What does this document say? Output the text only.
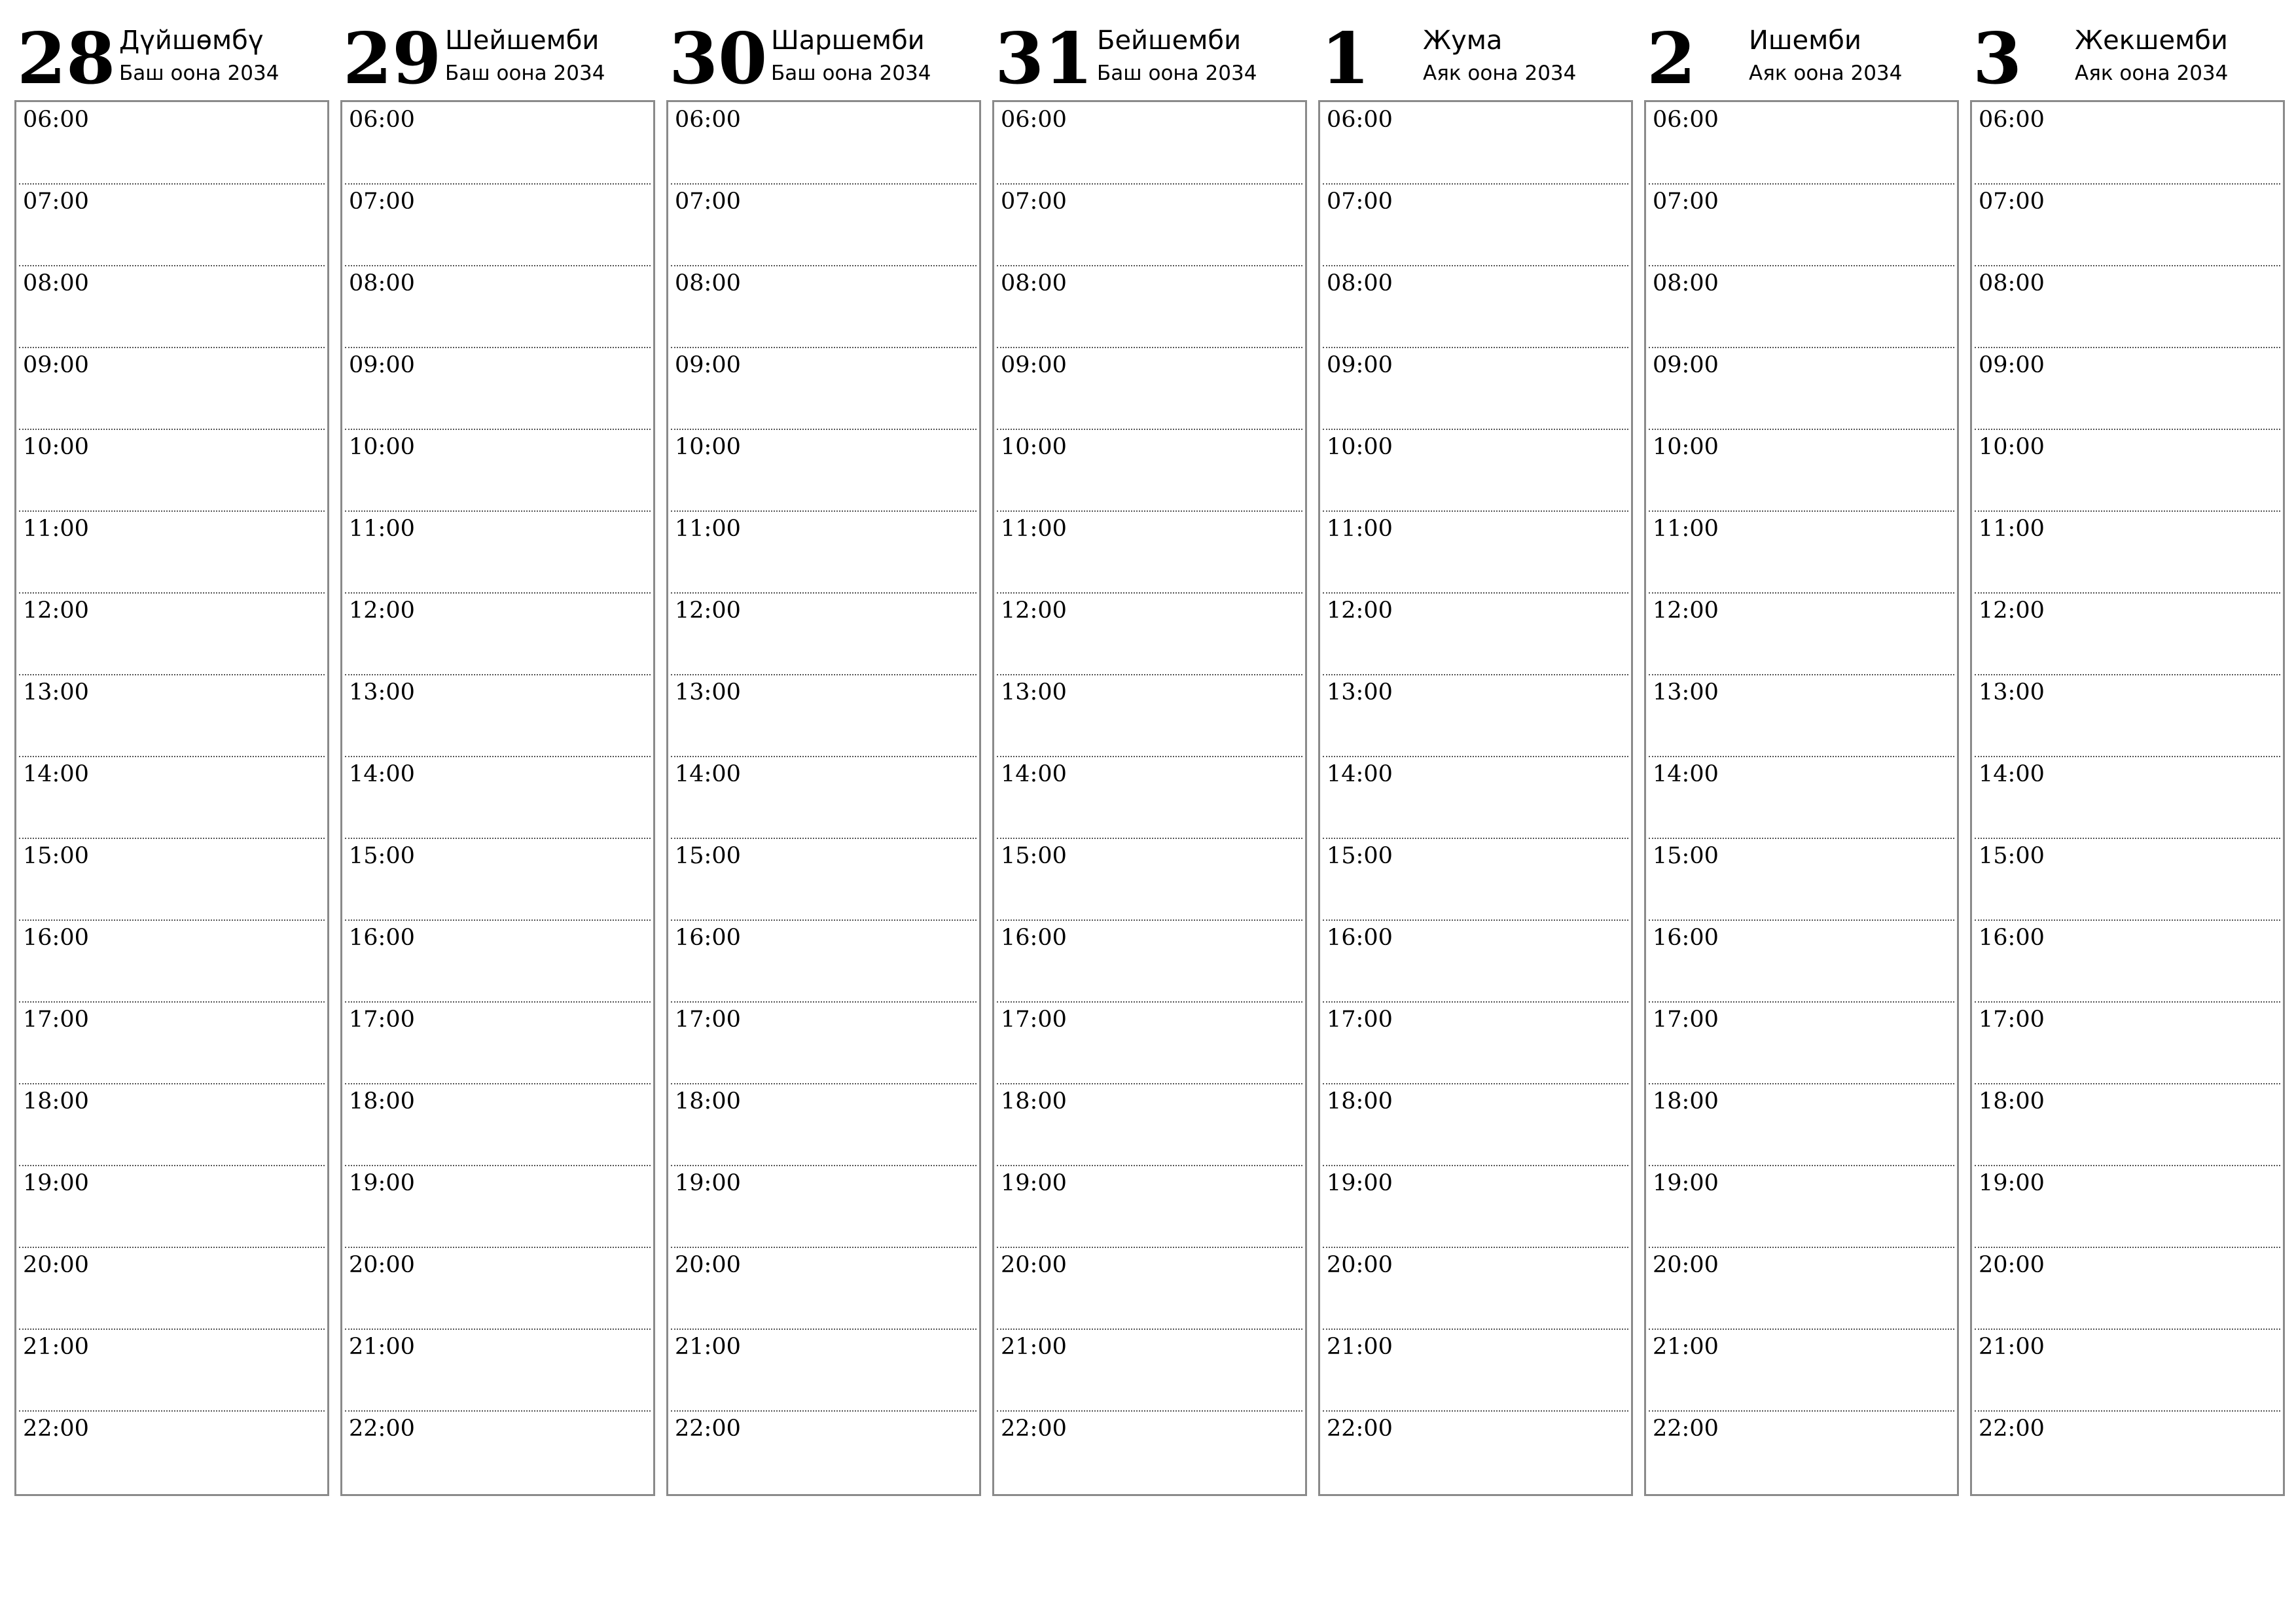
28 Дүйшөмбү
Баш оона 2034
06:00
07:00
08:00
09:00
10:00
11:00
12:00
13:00
14:00
15:00
16:00
17:00
18:00
19:00
20:00
21:00
22:00
29 Шейшемби
Баш оона 2034
06:00
07:00
08:00
09:00
10:00
11:00
12:00
13:00
14:00
15:00
16:00
17:00
18:00
19:00
20:00
21:00
22:00
30 Шаршемби
Баш оона 2034
06:00
07:00
08:00
09:00
10:00
11:00
12:00
13:00
14:00
15:00
16:00
17:00
18:00
19:00
20:00
21:00
22:00
31 Бейшемби
Баш оона 2034
06:00
07:00
08:00
09:00
10:00
11:00
12:00
13:00
14:00
15:00
16:00
17:00
18:00
19:00
20:00
21:00
22:00
1 Жума
Аяк оона 2034
06:00
07:00
08:00
09:00
10:00
11:00
12:00
13:00
14:00
15:00
16:00
17:00
18:00
19:00
20:00
21:00
22:00
2 Ишемби
Аяк оона 2034
06:00
07:00
08:00
09:00
10:00
11:00
12:00
13:00
14:00
15:00
16:00
17:00
18:00
19:00
20:00
21:00
22:00
3 Жекшемби
Аяк оона 2034
06:00
07:00
08:00
09:00
10:00
11:00
12:00
13:00
14:00
15:00
16:00
17:00
18:00
19:00
20:00
21:00
22:00
